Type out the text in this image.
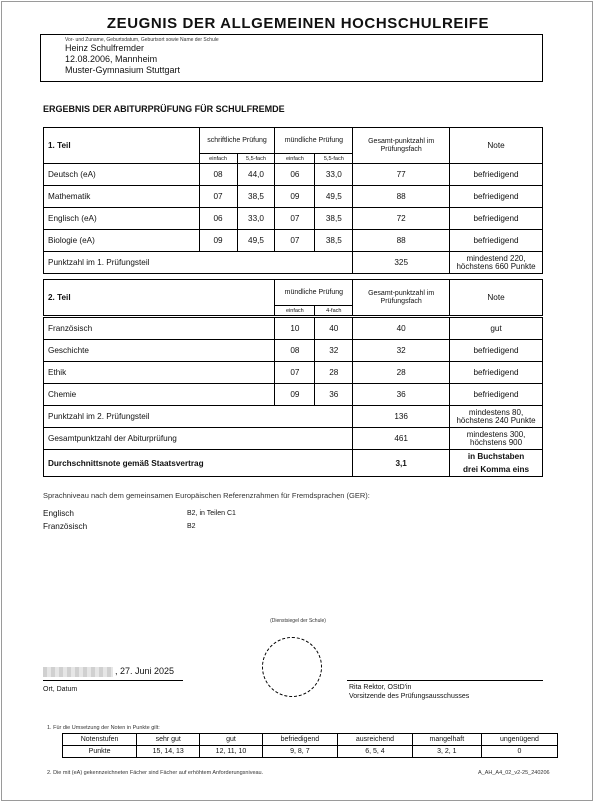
ZEUGNIS DER ALLGEMEINEN HOCHSCHULREIFE
Vor- und Zuname, Geburtsdatum, Geburtsort sowie Name der Schule
Heinz Schulfremder
12.08.2006, Mannheim
Muster-Gymnasium Stuttgart
ERGEBNIS DER ABITURPRÜFUNG FÜR SCHULFREMDE
1. Teil	schriftliche Prüfung		mündliche Prüfung		Gesamt-punktzahl im Prüfungsfach	Note
	einfach	5,5-fach	einfach	5,5-fach		
Deutsch (eA)	08	44,0	06	33,0	77	befriedigend
Mathematik	07	38,5	09	49,5	88	befriedigend
Englisch (eA)	06	33,0	07	38,5	72	befriedigend
Biologie (eA)	09	49,5	07	38,5	88	befriedigend
Punktzahl im 1. Prüfungsteil					325	mindestend 220, höchstens 660 Punkte
2. Teil	mündliche Prüfung		Gesamt-punktzahl im Prüfungsfach	Note
	einfach	4-fach		

Französisch	10	40	40	gut
Geschichte	08	32	32	befriedigend
Ethik	07	28	28	befriedigend
Chemie	09	36	36	befriedigend
Punktzahl im 2. Prüfungsteil			136	mindestens 80, höchstens 240 Punkte
Gesamtpunktzahl der Abiturprüfung			461	mindestens 300, höchstens 900
Durchschnittsnote gemäß Staatsvertrag			3,1	in Buchstaben
drei Komma eins
Sprachniveau nach dem gemeinsamen Europäischen Referenzrahmen für Fremdsprachen (GER):
Englisch	B2, in Teilen C1
Französisch	B2
(Dienstsiegel der Schule)
, 27. Juni 2025
Ort, Datum	Rita Rektor, OStD'in
Vorsitzende des Prüfungsausschusses
1. Für die Umsetzung der Noten in Punkte gilt:
Notenstufen	sehr gut	gut	befriedigend	ausreichend	mangelhaft	ungenügend
Punkte	15, 14, 13	12, 11, 10	9, 8, 7	6, 5, 4	3, 2, 1	0
2. Die mit (eA) gekennzeichneten Fächer sind Fächer auf erhöhtem Anforderungsniveau.	A_AH_A4_02_v2-25_240206
